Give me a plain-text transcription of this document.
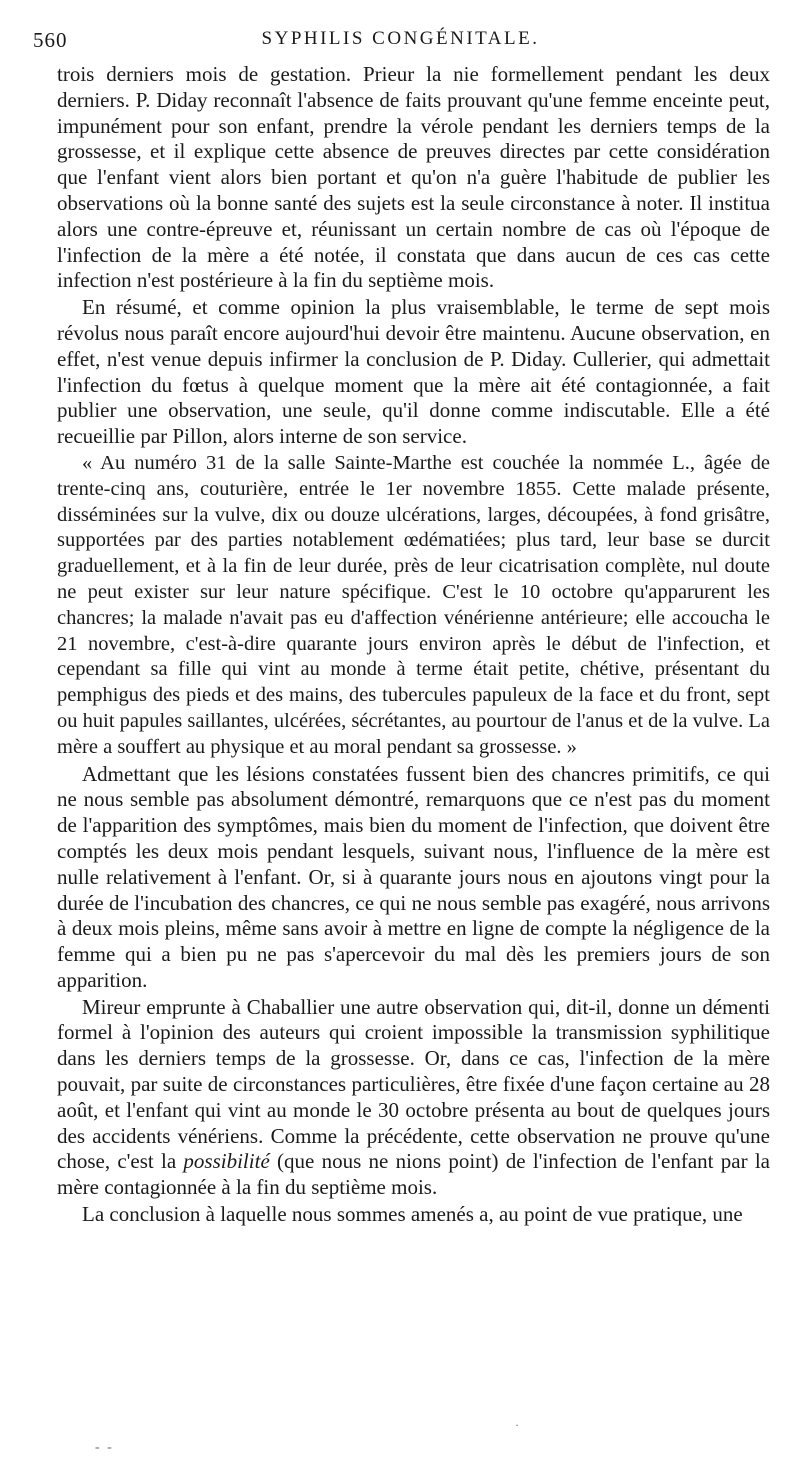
560	SYPHILIS CONGÉNITALE.

trois derniers mois de gestation. Prieur la nie formellement pendant les deux derniers. P. Diday reconnaît l'absence de faits prouvant qu'une femme enceinte peut, impunément pour son enfant, prendre la vérole pendant les derniers temps de la grossesse, et il explique cette absence de preuves directes par cette considération que l'enfant vient alors bien portant et qu'on n'a guère l'habitude de publier les observations où la bonne santé des sujets est la seule circonstance à noter. Il institua alors une contre-épreuve et, réunissant un certain nombre de cas où l'époque de l'infection de la mère a été notée, il constata que dans aucun de ces cas cette infection n'est postérieure à la fin du septième mois.

En résumé, et comme opinion la plus vraisemblable, le terme de sept mois révolus nous paraît encore aujourd'hui devoir être maintenu. Aucune observation, en effet, n'est venue depuis infirmer la conclusion de P. Diday. Cullerier, qui admettait l'infection du fœtus à quelque moment que la mère ait été contagionnée, a fait publier une observation, une seule, qu'il donne comme indiscutable. Elle a été recueillie par Pillon, alors interne de son service.

« Au numéro 31 de la salle Sainte-Marthe est couchée la nommée L., âgée de trente-cinq ans, couturière, entrée le 1er novembre 1855. Cette malade présente, disséminées sur la vulve, dix ou douze ulcérations, larges, découpées, à fond grisâtre, supportées par des parties notablement œdématiées; plus tard, leur base se durcit graduellement, et à la fin de leur durée, près de leur cicatrisation complète, nul doute ne peut exister sur leur nature spécifique. C'est le 10 octobre qu'apparurent les chancres; la malade n'avait pas eu d'affection vénérienne antérieure; elle accoucha le 21 novembre, c'est-à-dire quarante jours environ après le début de l'infection, et cependant sa fille qui vint au monde à terme était petite, chétive, présentant du pemphigus des pieds et des mains, des tubercules papuleux de la face et du front, sept ou huit papules saillantes, ulcérées, sécrétantes, au pourtour de l'anus et de la vulve. La mère a souffert au physique et au moral pendant sa grossesse. »

Admettant que les lésions constatées fussent bien des chancres primitifs, ce qui ne nous semble pas absolument démontré, remarquons que ce n'est pas du moment de l'apparition des symptômes, mais bien du moment de l'infection, que doivent être comptés les deux mois pendant lesquels, suivant nous, l'influence de la mère est nulle relativement à l'enfant. Or, si à quarante jours nous en ajoutons vingt pour la durée de l'incubation des chancres, ce qui ne nous semble pas exagéré, nous arrivons à deux mois pleins, même sans avoir à mettre en ligne de compte la négligence de la femme qui a bien pu ne pas s'apercevoir du mal dès les premiers jours de son apparition.

Mireur emprunte à Chaballier une autre observation qui, dit-il, donne un démenti formel à l'opinion des auteurs qui croient impossible la transmission syphilitique dans les derniers temps de la grossesse. Or, dans ce cas, l'infection de la mère pouvait, par suite de circonstances particulières, être fixée d'une façon certaine au 28 août, et l'enfant qui vint au monde le 30 octobre présenta au bout de quelques jours des accidents vénériens. Comme la précédente, cette observation ne prouve qu'une chose, c'est la possibilité (que nous ne nions point) de l'infection de l'enfant par la mère contagionnée à la fin du septième mois.

La conclusion à laquelle nous sommes amenés a, au point de vue pratique, une

·
- -
